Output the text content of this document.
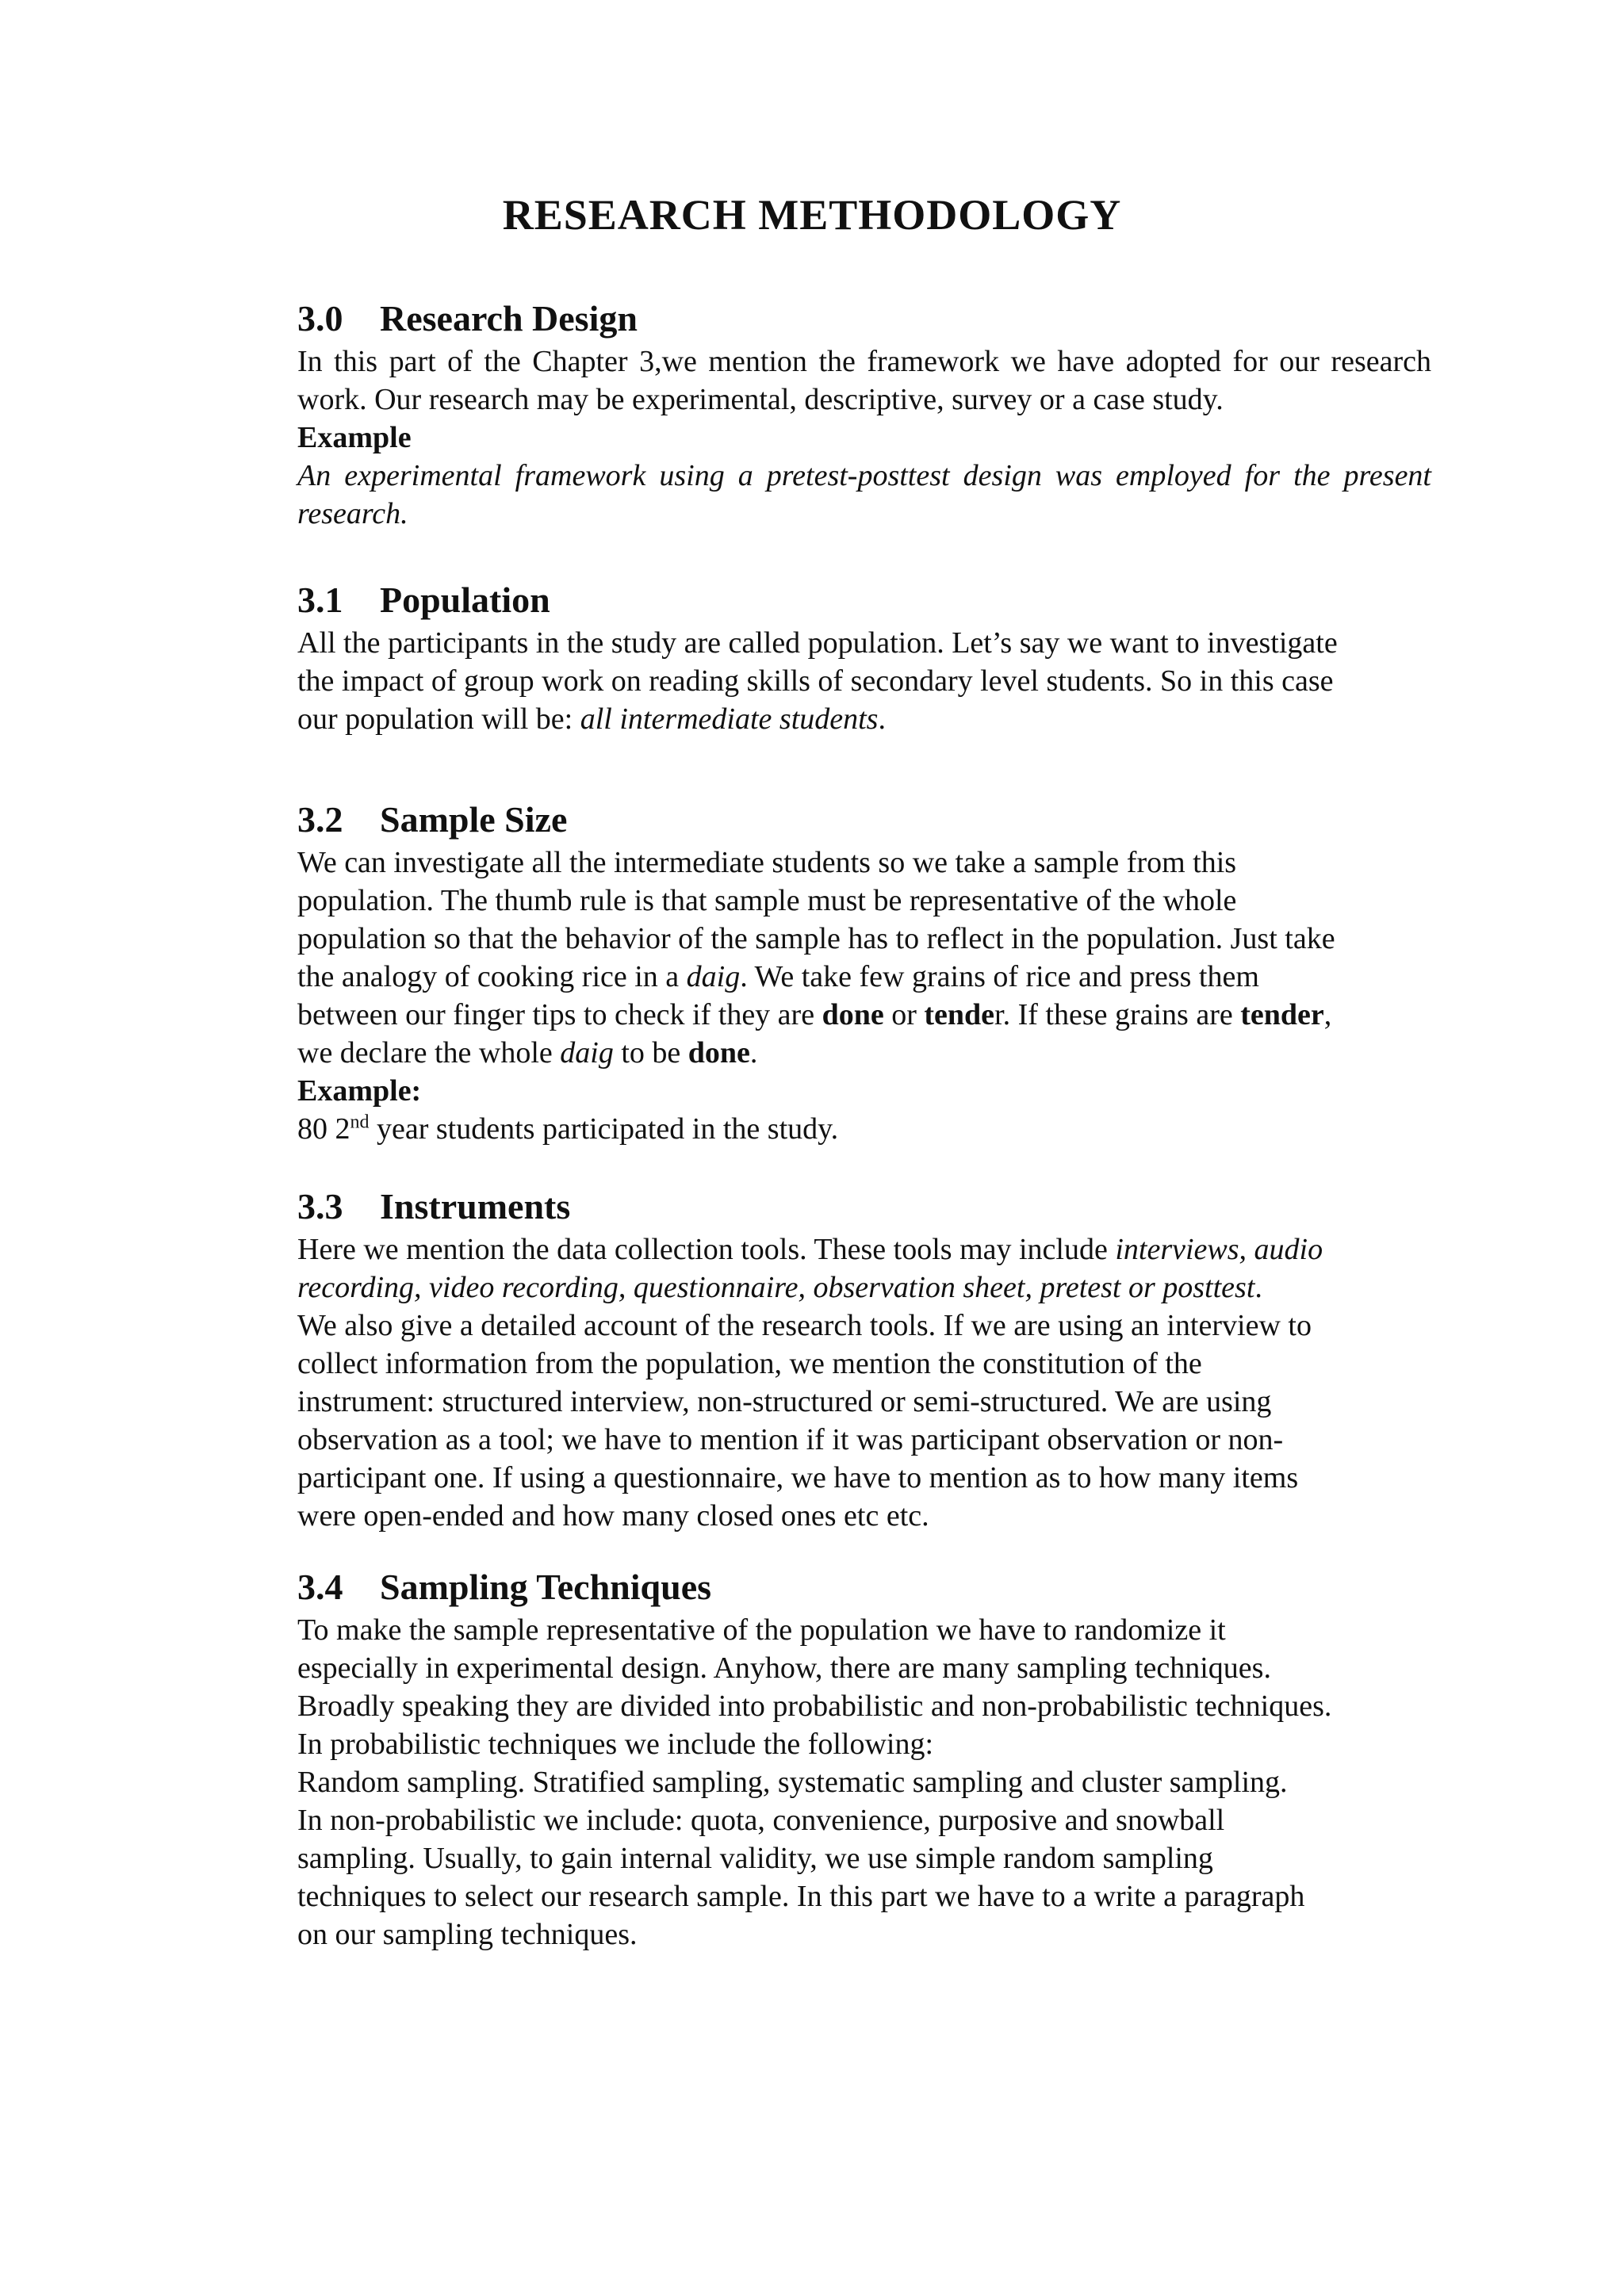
RESEARCH METHODOLOGY
3.0 Research Design
In this part of the Chapter 3,we mention the framework we have adopted for our research work. Our research may be experimental, descriptive, survey or a case study.
Example
An experimental framework using a pretest-posttest design was employed for the present research.
3.1 Population
All the participants in the study are called population. Let’s say we want to investigate
the impact of group work on reading skills of secondary level students. So in this case
our population will be: all intermediate students.
3.2 Sample Size
We can investigate all the intermediate students so we take a sample from this
population. The thumb rule is that sample must be representative of the whole
population so that the behavior of the sample has to reflect in the population. Just take
the analogy of cooking rice in a daig. We take few grains of rice and press them
between our finger tips to check if they are done or tender. If these grains are tender,
we declare the whole daig to be done.
Example:
80 2nd year students participated in the study.
3.3 Instruments
Here we mention the data collection tools. These tools may include interviews, audio
recording, video recording, questionnaire, observation sheet, pretest or posttest.
We also give a detailed account of the research tools. If we are using an interview to
collect information from the population, we mention the constitution of the
instrument: structured interview, non-structured or semi-structured. We are using
observation as a tool; we have to mention if it was participant observation or non-
participant one. If using a questionnaire, we have to mention as to how many items
were open-ended and how many closed ones etc etc.
3.4 Sampling Techniques
To make the sample representative of the population we have to randomize it
especially in experimental design. Anyhow, there are many sampling techniques.
Broadly speaking they are divided into probabilistic and non-probabilistic techniques.
In probabilistic techniques we include the following:
Random sampling. Stratified sampling, systematic sampling and cluster sampling.
In non-probabilistic we include: quota, convenience, purposive and snowball
sampling. Usually, to gain internal validity, we use simple random sampling
techniques to select our research sample. In this part we have to a write a paragraph
on our sampling techniques.
